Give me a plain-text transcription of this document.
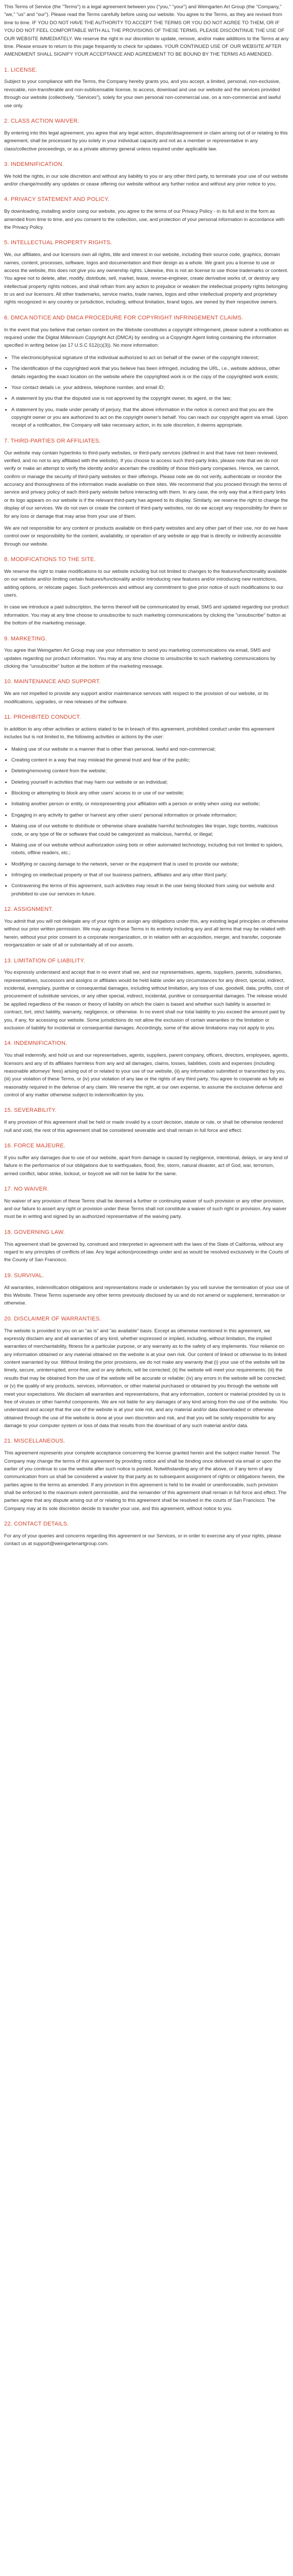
This Terms of Service (the "Terms") is a legal agreement between you ("you," "your") and Weingarten Art Group (the "Company," "we," "us" and "our"). Please read the Terms carefully before using our website. You agree to the Terms, as they are revised from time to time. IF YOU DO NOT HAVE THE AUTHORITY TO ACCEPT THE TERMS OR YOU DO NOT AGREE TO THEM, OR IF YOU DO NOT FEEL COMFORTABLE WITH ALL THE PROVISIONS OF THESE TERMS, PLEASE DISCONTINUE THE USE OF OUR WEBSITE IMMEDIATELY. We reserve the right in our discretion to update, remove, and/or make additions to the Terms at any time. Please ensure to return to this page frequently to check for updates. YOUR CONTINUED USE OF OUR WEBSITE AFTER AMENDMENT SHALL SIGNIFY YOUR ACCEPTANCE AND AGREEMENT TO BE BOUND BY THE TERMS AS AMENDED.

1. LICENSE.

Subject to your compliance with the Terms, the Company hereby grants you, and you accept, a limited, personal, non-exclusive, revocable, non-transferable and non-sublicensable license, to access, download and use our website and the services provided through our website (collectively, "Services"), solely for your own personal non-commercial use, on a non-commercial and lawful use only.

2. CLASS ACTION WAIVER.

By entering into this legal agreement, you agree that any legal action, dispute/disagreement or claim arising out of or relating to this agreement, shall be processed by you solely in your individual capacity and not as a member or representative in any class/collective proceedings, or as a private attorney general unless required under applicable law.

3. INDEMNIFICATION.

We hold the rights, in our sole discretion and without any liability to you or any other third party, to terminate your use of our website and/or change/modify any updates or cease offering our website without any further notice and without any prior notice to you.

4. PRIVACY STATEMENT AND POLICY.

By downloading, installing and/or using our website, you agree to the terms of our Privacy Policy - in its full and in the form as amended from time to time, and you consent to the collection, use, and protection of your personal information in accordance with the Privacy Policy.

5. INTELLECTUAL PROPERTY RIGHTS.

We, our affiliates, and our licensors own all rights, title and interest in our website, including their source code, graphics, domain names, content, processes, software, logos and documentation and their design as a whole. We grant you a license to use or access the website, this does not give you any ownership rights. Likewise, this is not an license to use those trademarks or content. You agree not to delete, alter, modify, distribute, sell, market, lease, reverse-engineer, create derivative works of, or destroy any intellectual property rights notices, and shall refrain from any action to prejudice or weaken the intellectual property rights belonging to us and our licensors. All other trademarks, service marks, trade names, logos and other intellectual property and proprietary rights recognized in any country or jurisdiction, including, without limitation, brand logos, are owned by their respective owners.

6. DMCA NOTICE AND DMCA PROCEDURE FOR COPYRIGHT INFRINGEMENT CLAIMS.

In the event that you believe that certain content on the Website constitutes a copyright infringement, please submit a notification as required under the Digital Millennium Copyright Act (DMCA) by sending us a Copyright Agent listing containing the information specified in writing below (as 17 U.S.C 512(c)(3)). No more information:

• The electronic/physical signature of the individual authorized to act on behalf of the owner of the copyright interest;
• The identification of the copyrighted work that you believe has been infringed, including the URL, i.e., website address, other details regarding the exact location on the website where the copyrighted work is or the copy of the copyrighted work exists;
• Your contact details i.e. your address, telephone number, and email ID;
• A statement by you that the disputed use is not approved by the copyright owner, its agent, or the law;
• A statement by you, made under penalty of perjury, that the above information in the notice is correct and that you are the copyright owner or you are authorized to act on the copyright owner's behalf. You can reach our copyright agent via email. Upon receipt of a notification, the Company will take necessary action, in its sole discretion, it deems appropriate.
7. THIRD-PARTIES OR AFFILIATES.

Our website may contain hyperlinks to third-party websites, or third-party services (defined in and that have not been reviewed, verified, and no not to any affiliated with the website). If you choose to access such third-party links, please note that we do not verify or make an attempt to verify the identity and/or ascertain the credibility of those third-party companies. Hence, we cannot, confirm or manage the security of third-party websites or their offerings. Please note we do not verify, authenticate or monitor the accuracy and thoroughness of the information made available on their sites. We recommend that you proceed through the terms of service and privacy policy of each third-party website before interacting with them. In any case, the only way that a third-party links or its logo appears on our website is if the relevant third-party has agreed to its display. Similarly, we reserve the right to change the display of our services. We do not own or create the content of third-party websites, nor do we accept any responsibility for them or for any loss or damage that may arise from your use of them.

We are not responsible for any content or products available on third-party websites and any other part of their use, nor do we have control over or responsibility for the content, availability, or operation of any website or app that is directly or indirectly accessible through our website.

8. MODIFICATIONS TO THE SITE.

We reserve the right to make modifications to our website including but not limited to changes to the features/functionality available on our website and/or limiting certain features/functionality and/or introducing new features and/or introducing new restrictions, adding options, or relocate pages. Such preferences and without any commitment to give prior notice of such modifications to our users.

In case we introduce a paid subscription, the terms thereof will be communicated by email, SMS and updated regarding our product information. You may at any time choose to unsubscribe to such marketing communications by clicking the "unsubscribe" button at the bottom of the marketing message.

9. MARKETING.

You agree that Weingarten Art Group may use your information to send you marketing communications via email, SMS and updates regarding our product information. You may at any time choose to unsubscribe to such marketing communications by clicking the "unsubscribe" button at the bottom of the marketing message.

10. MAINTENANCE AND SUPPORT.

We are not impelled to provide any support and/or maintenance services with respect to the provision of our website, or its modifications, upgrades, or new releases of the software.

11. PROHIBITED CONDUCT.

In addition to any other activities or actions stated to be in breach of this agreement, prohibited conduct under this agreement includes but is not limited to, the following activities or actions by the user:

• Making use of our website in a manner that is other than personal, lawful and non-commercial;
• Creating content in a way that may mislead the general trust and fear of the public;
• Deleting/removing content from the website;
• Deleting yourself in activities that may harm our website or an individual;
• Blocking or attempting to block any other users' access to or use of our website;
• Initiating another person or entity, or misrepresenting your affiliation with a person or entity when using our website;
• Engaging in any activity to gather or harvest any other users' personal information or private information;
• Making use of our website to distribute or otherwise share available harmful technologies like trojan, logic bombs, malicious code, or any type of file or software that could be categorized as malicious, harmful, or illegal;
• Making use of our website without authorization using bots or other automated technology, including but not limited to spiders, robots, offline readers, etc.;
• Modifying or causing damage to the network, server or the equipment that is used to provide our website;
• Infringing on intellectual property or that of our business partners, affiliates and any other third party;
• Contravening the terms of this agreement, such activities may result in the user being blocked from using our website and prohibited to use our services in future.
12. ASSIGNMENT.

You admit that you will not delegate any of your rights or assign any obligations under this, any existing legal principles or otherwise without our prior written permission. We may assign these Terms in its entirety including any and all terms that may be related with herein, without your prior consent to a corporate reorganization, or in relation with an acquisition, merger, and transfer, corporate reorganization or sale of all or substantially all of our assets.

13. LIMITATION OF LIABILITY.

You expressly understand and accept that in no event shall we, and our representatives, agents, suppliers, parents, subsidiaries, representatives, successors and assigns or affiliates would be held liable under any circumstances for any direct, special, indirect, incidental, exemplary, punitive or consequential damages, including without limitation, any loss of use, goodwill, data, profits, cost of procurement of substitute services, or any other special, indirect, incidental, punitive or consequential damages. The release would be applied regardless of the reason or theory of liability on which the claim is based and whether such liability is asserted in contract, tort, strict liability, warranty, negligence, or otherwise. In no event shall our total liability to you exceed the amount paid by you, if any, for accessing our website. Some jurisdictions do not allow the exclusion of certain warranties or the limitation or exclusion of liability for incidental or consequential damages. Accordingly, some of the above limitations may not apply to you.

14. INDEMNIFICATION.

You shall indemnify, and hold us and our representatives, agents, suppliers, parent company, officers, directors, employees, agents, licensors and any of its affiliates harmless from any and all damages, claims, losses, liabilities, costs and expenses (including reasonable attorneys' fees) arising out of or related to your use of our website, (ii) any information submitted or transmitted by you, (iii) your violation of these Terms, or (iv) your violation of any law or the rights of any third party. You agree to cooperate as fully as reasonably required in the defense of any claim. We reserve the right, at our own expense, to assume the exclusive defense and control of any matter otherwise subject to indemnification by you.

15. SEVERABILITY.

If any provision of this agreement shall be held or made invalid by a court decision, statute or rule, or shall be otherwise rendered null and void, the rest of this agreement shall be considered severable and shall remain in full force and effect.

16. FORCE MAJEURE.

If you suffer any damages due to use of our website, apart from damage is caused by negligence, intentional, delays, or any kind of failure in the performance of our obligations due to earthquakes, flood, fire, storm, natural disaster, act of God, war, terrorism, armed conflict, labor strike, lockout, or boycott we will not be liable for the same.

17. NO WAIVER.

No waiver of any provision of these Terms shall be deemed a further or continuing waiver of such provision or any other provision, and our failure to assert any right or provision under these Terms shall not constitute a waiver of such right or provision. Any waiver must be in writing and signed by an authorized representative of the waiving party.

18. GOVERNING LAW.

This agreement shall be governed by, construed and interpreted in agreement with the laws of the State of California, without any regard to any principles of conflicts of law. Any legal action/proceedings under and as would be resolved exclusively in the Courts of the County of San Francisco.

19. SURVIVAL.

All warranties, indemnification obligations and representations made or undertaken by you will survive the termination of your use of this Website. These Terms supersede any other terms previously disclosed by us and do not amend or supplement, termination or otherwise.

20. DISCLAIMER OF WARRANTIES.

The website is provided to you on an "as is" and "as available" basis. Except as otherwise mentioned in this agreement, we expressly disclaim any and all warranties of any kind, whether expressed or implied, including, without limitation, the implied warranties of merchantability, fitness for a particular purpose, or any warranty as to the safety of any implements. Your reliance on any information obtained or any material obtained on the website is at your own risk. Our content of linked or otherwise to its linked content warranted by our. Without limiting the prior provisions, we do not make any warranty that (i) your use of the website will be timely, secure, uninterrupted, error-free, and or any defects, will be corrected; (ii) the website will meet your requirements; (iii) the results that may be obtained from the use of the website will be accurate or reliable; (iv) any errors in the website will be corrected; or (v) the quality of any products, services, information, or other material purchased or obtained by you through the website will meet your expectations. We disclaim all warranties and representations, that any information, content or material provided by us is free of viruses or other harmful components. We are not liable for any damages of any kind arising from the use of the website. You understand and accept that the use of the website is at your sole risk, and any material and/or data downloaded or otherwise obtained through the use of the website is done at your own discretion and risk, and that you will be solely responsible for any damage to your computer system or loss of data that results from the download of any such material and/or data.

21. MISCELLANEOUS.

This agreement represents your complete acceptance concerning the license granted herein and the subject matter hereof. The Company may change the terms of this agreement by providing notice and shall be binding once delivered via email or upon the earlier of you continue to use the website after such notice is posted. Notwithstanding any of the above, or if any term of any communication from us shall be considered a waiver by that party as to subsequent assignment of rights or obligations herein, the parties agree to the terms as amended. If any provision in this agreement is held to be invalid or unenforceable, such provision shall be enforced to the maximum extent permissible, and the remainder of this agreement shall remain in full force and effect. The parties agree that any dispute arising out of or relating to this agreement shall be resolved in the courts of San Francisco. The Company may at its sole discretion decide to transfer your use, and this agreement, without notice to you.

22. CONTACT DETAILS.

For any of your queries and concerns regarding this agreement or our Services, or in order to exercise any of your rights, please contact us at support@weingartenartgroup.com.
